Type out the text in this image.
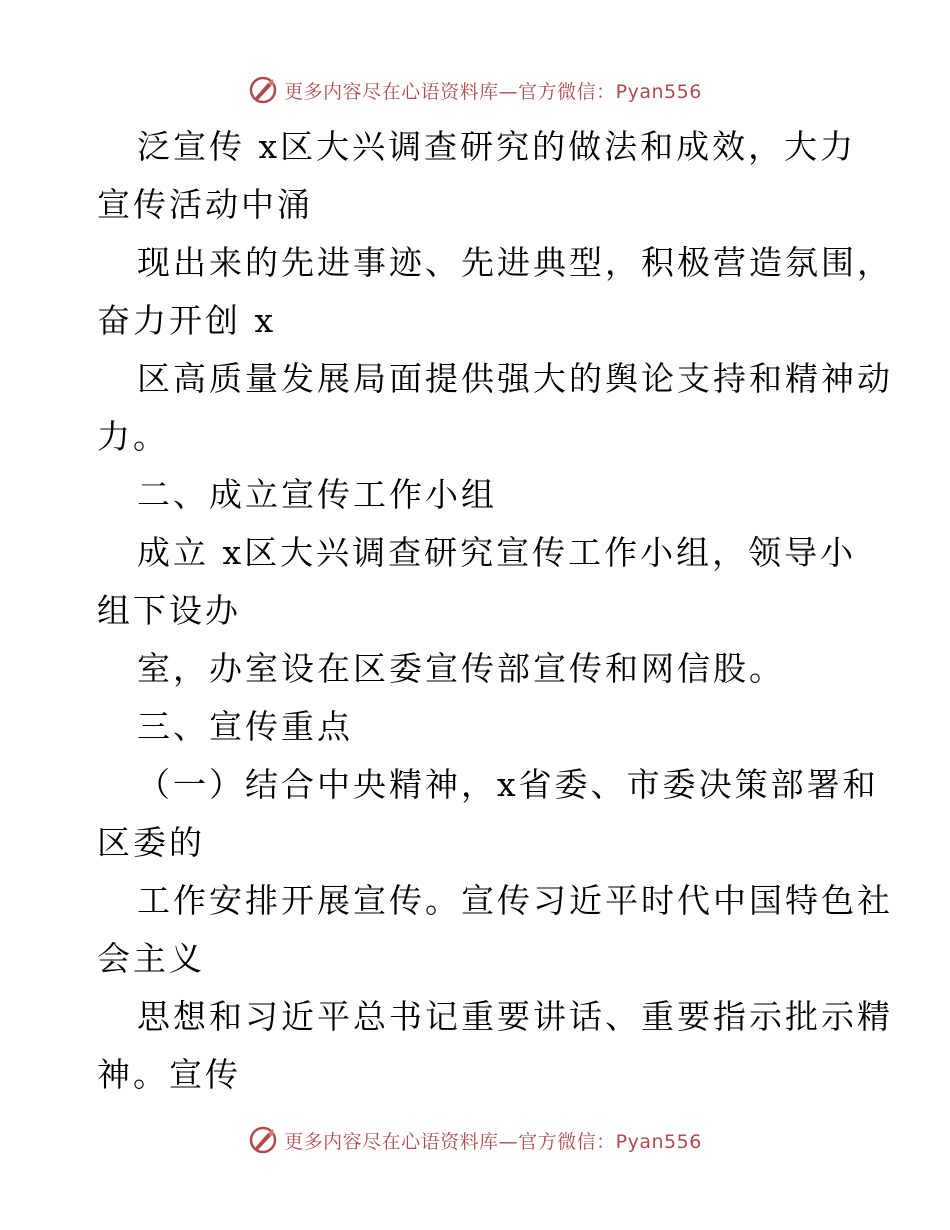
更多内容尽在心语资料库—官方微信：Pyan556
泛宣传 x区大兴调查研究的做法和成效，大力
宣传活动中涌
现出来的先进事迹、先进典型，积极营造氛围，
奋力开创 x
区高质量发展局面提供强大的舆论支持和精神动
力。
二、成立宣传工作小组
成立 x区大兴调查研究宣传工作小组，领导小
组下设办
室，办室设在区委宣传部宣传和网信股。
三、宣传重点
（一）结合中央精神，x省委、市委决策部署和
区委的
工作安排开展宣传。宣传习近平时代中国特色社
会主义
思想和习近平总书记重要讲话、重要指示批示精
神。宣传
更多内容尽在心语资料库—官方微信：Pyan556
